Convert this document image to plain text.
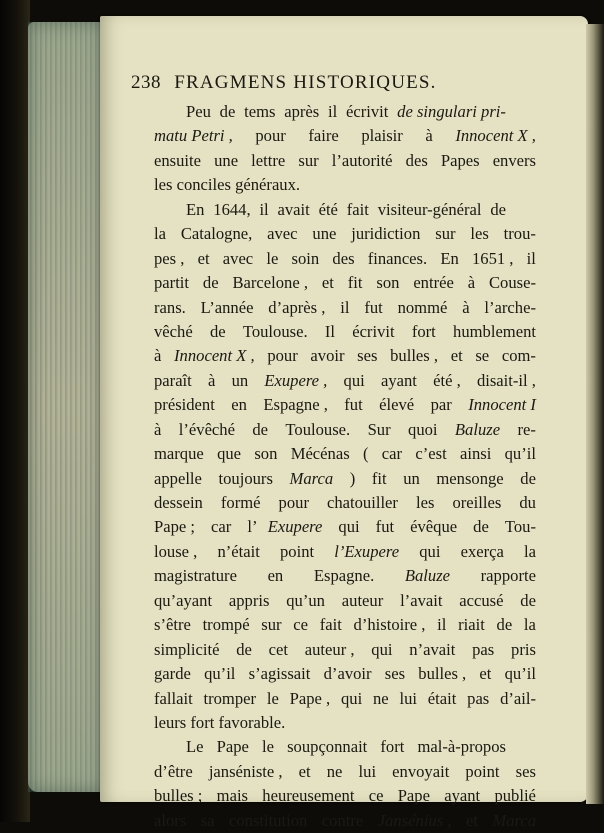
238 FRAGMENS HISTORIQUES.
Peu de tems après il écrivit de singulari pri-
matu Petri , pour faire plaisir à Innocent X ,
ensuite une lettre sur l’autorité des Papes envers
les conciles généraux.
En 1644, il avait été fait visiteur-général de
la Catalogne, avec une juridiction sur les trou-
pes , et avec le soin des finances. En 1651 , il
partit de Barcelone , et fit son entrée à Couse-
rans. L’année d’après , il fut nommé à l’arche-
vêché de Toulouse. Il écrivit fort humblement
à Innocent X , pour avoir ses bulles , et se com-
paraît à un Exupere , qui ayant été , disait-il ,
président en Espagne , fut élevé par Innocent I
à l’évêché de Toulouse. Sur quoi Baluze re-
marque que son Mécénas ( car c’est ainsi qu’il
appelle toujours Marca ) fit un mensonge de
dessein formé pour chatouiller les oreilles du
Pape ; car l’ Exupere qui fut évêque de Tou-
louse , n’était point l’Exupere qui exerça la
magistrature en Espagne. Baluze rapporte
qu’ayant appris qu’un auteur l’avait accusé de
s’être trompé sur ce fait d’histoire , il riait de la
simplicité de cet auteur , qui n’avait pas pris
garde qu’il s’agissait d’avoir ses bulles , et qu’il
fallait tromper le Pape , qui ne lui était pas d’ail-
leurs fort favorable.
Le Pape le soupçonnait fort mal-à-propos
d’être janséniste , et ne lui envoyait point ses
bulles ; mais heureusement ce Pape ayant publié
alors sa constitution contre Jansénius , et Marca
